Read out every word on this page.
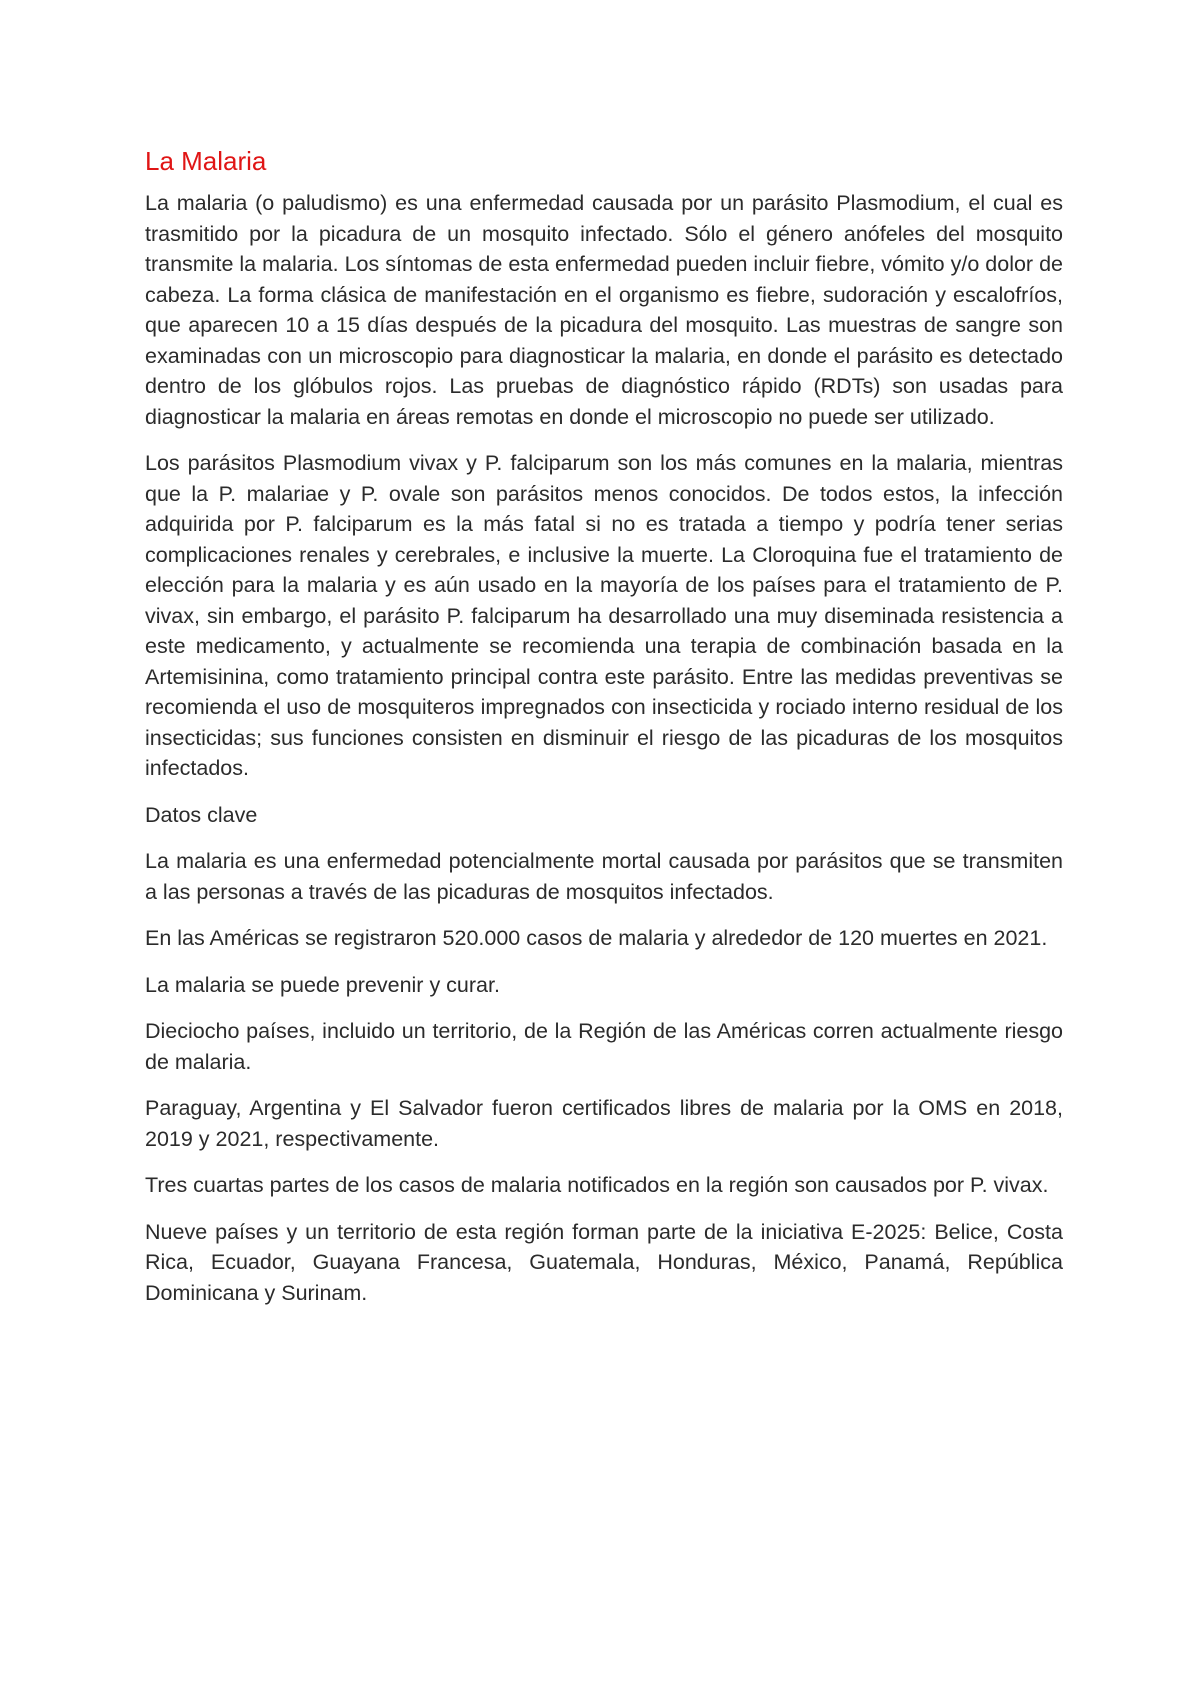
La Malaria

La malaria (o paludismo) es una enfermedad causada por un parásito Plasmodium, el cual es trasmitido por la picadura de un mosquito infectado. Sólo el género anófeles del mosquito transmite la malaria. Los síntomas de esta enfermedad pueden incluir fiebre, vómito y/o dolor de cabeza. La forma clásica de manifestación en el organismo es fiebre, sudoración y escalofríos, que aparecen 10 a 15 días después de la picadura del mosquito. Las muestras de sangre son examinadas con un microscopio para diagnosticar la malaria, en donde el parásito es detectado dentro de los glóbulos rojos. Las pruebas de diagnóstico rápido (RDTs) son usadas para diagnosticar la malaria en áreas remotas en donde el microscopio no puede ser utilizado.

Los parásitos Plasmodium vivax y P. falciparum son los más comunes en la malaria, mientras que la P. malariae y P. ovale son parásitos menos conocidos. De todos estos, la infección adquirida por P. falciparum es la más fatal si no es tratada a tiempo y podría tener serias complicaciones renales y cerebrales, e inclusive la muerte. La Cloroquina fue el tratamiento de elección para la malaria y es aún usado en la mayoría de los países para el tratamiento de P. vivax, sin embargo, el parásito P. falciparum ha desarrollado una muy diseminada resistencia a este medicamento, y actualmente se recomienda una terapia de combinación basada en la Artemisinina, como tratamiento principal contra este parásito. Entre las medidas preventivas se recomienda el uso de mosquiteros impregnados con insecticida y rociado interno residual de los insecticidas; sus funciones consisten en disminuir el riesgo de las picaduras de los mosquitos infectados.

Datos clave

La malaria es una enfermedad potencialmente mortal causada por parásitos que se transmiten a las personas a través de las picaduras de mosquitos infectados.

En las Américas se registraron 520.000 casos de malaria y alrededor de 120 muertes en 2021.

La malaria se puede prevenir y curar.

Dieciocho países, incluido un territorio, de la Región de las Américas corren actualmente riesgo de malaria.

Paraguay, Argentina y El Salvador fueron certificados libres de malaria por la OMS en 2018, 2019 y 2021, respectivamente.

Tres cuartas partes de los casos de malaria notificados en la región son causados por P. vivax.

Nueve países y un territorio de esta región forman parte de la iniciativa E-2025: Belice, Costa Rica, Ecuador, Guayana Francesa, Guatemala, Honduras, México, Panamá, República Dominicana y Surinam.
